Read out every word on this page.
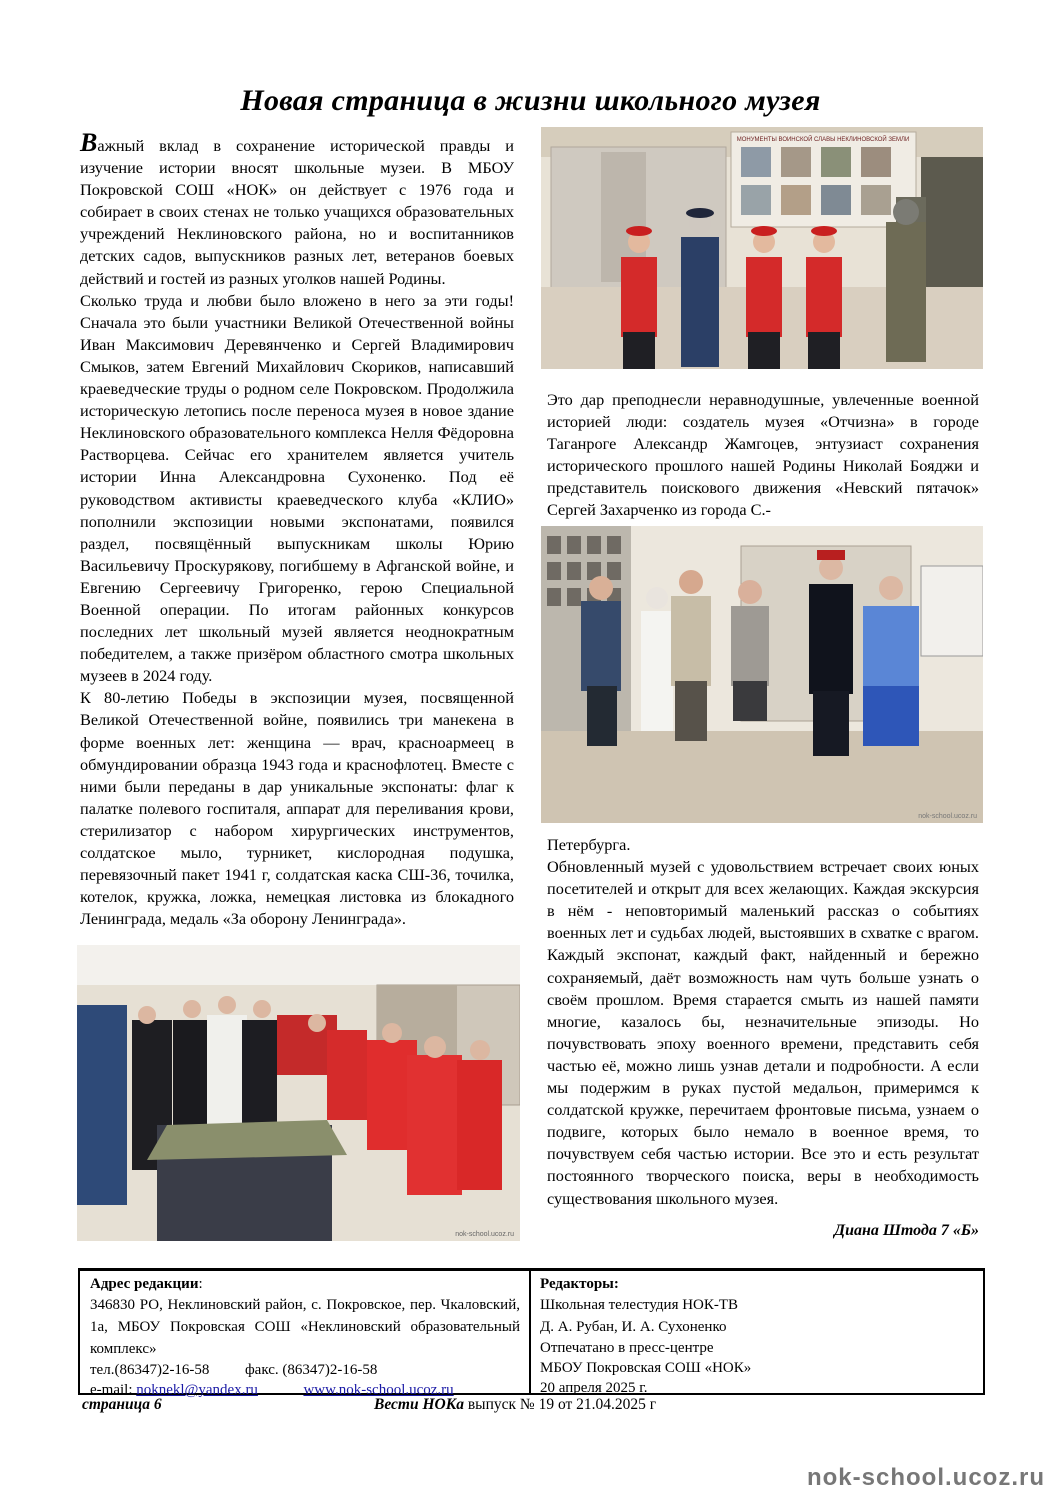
Новая страница в жизни школьного музея

Важный вклад в сохранение исторической правды и изучение истории вносят школьные музеи. В МБОУ Покровской СОШ «НОК» он действует с 1976 года и собирает в своих стенах не только учащихся образовательных учреждений Неклиновского района, но и воспитанников детских садов, выпускников разных лет, ветеранов боевых действий и гостей из разных уголков нашей Родины.

Сколько труда и любви было вложено в него за эти годы! Сначала это были участники Великой Отечественной войны Иван Максимович Деревянченко и Сергей Владимирович Смыков, затем Евгений Михайлович Скориков, написавший краеведческие труды о родном селе Покровском. Продолжила историческую летопись после переноса музея в новое здание Неклиновского образовательного комплекса Нелля Фёдоровна Растворцева. Сейчас его хранителем является учитель истории Инна Александровна Сухоненко. Под её руководством активисты краеведческого клуба «КЛИО» пополнили экспозиции новыми экспонатами, появился раздел, посвящённый выпускникам школы Юрию Васильевичу Проскурякову, погибшему в Афганской войне, и Евгению Сергеевичу Григоренко, герою Специальной Военной операции. По итогам районных конкурсов последних лет школьный музей является неоднократным победителем, а также призёром областного смотра школьных музеев в 2024 году.

К 80-летию Победы в экспозиции музея, посвященной Великой Отечественной войне, появились три манекена в форме военных лет: женщина — врач, красноармеец в обмундировании образца 1943 года и краснофлотец. Вместе с ними были переданы в дар уникальные экспонаты: флаг к палатке полевого госпиталя, аппарат для переливания крови, стерилизатор с набором хирургических инструментов, солдатское мыло, турникет, кислородная подушка, перевязочный пакет 1941 г, солдатская каска СШ-36, точилка, котелок, кружка, ложка, немецкая листовка из блокадного Ленинграда, медаль «За оборону Ленинграда».

МОНУМЕНТЫ ВОИНСКОЙ СЛАВЫ НЕКЛИНОВСКОЙ ЗЕМЛИ

Это дар преподнесли неравнодушные, увлеченные военной историей люди: создатель музея «Отчизна» в городе Таганроге Александр Жамгоцев, энтузиаст сохранения исторического прошлого нашей Родины Николай Бояджи и представитель поискового движения «Невский пятачок» Сергей Захарченко из города С.-

nok-school.ucoz.ru

Петербурга.

Обновленный музей с удовольствием встречает своих юных посетителей и открыт для всех желающих. Каждая экскурсия в нём - неповторимый маленький рассказ о событиях военных лет и судьбах людей, выстоявших в схватке с врагом. Каждый экспонат, каждый факт, найденный и бережно сохраняемый, даёт возможность нам чуть больше узнать о своём прошлом. Время старается смыть из нашей памяти многие, казалось бы, незначительные эпизоды. Но почувствовать эпоху военного времени, представить себя частью её, можно лишь узнав детали и подробности. А если мы подержим в руках пустой медальон, примеримся к солдатской кружке, перечитаем фронтовые письма, узнаем о подвиге, которых было немало в военное время, то почувствуем себя частью истории. Все это и есть результат постоянного творческого поиска, веры в необходимость существования школьного музея.

nok-school.ucoz.ru	Диана Штода 7 «Б»
Адрес редакции:
346830 РО, Неклиновский район, с. Покровское, пер. Чкаловский, 1а, МБОУ Покровская СОШ «Неклиновский образовательный комплекс»
тел.(86347)2-16-58 факс. (86347)2-16-58
e-mail: noknekl@yandex.ru	www.nok-school.ucoz.ru
Редакторы:
Школьная телестудия НОК-ТВ
Д. А. Рубан, И. А. Сухоненко
Отпечатано в пресс-центре
МБОУ Покровская СОШ «НОК»
20 апреля 2025 г.
страница 6	Вести НОКа выпуск № 19 от 21.04.2025 г
nok-school.ucoz.ru
